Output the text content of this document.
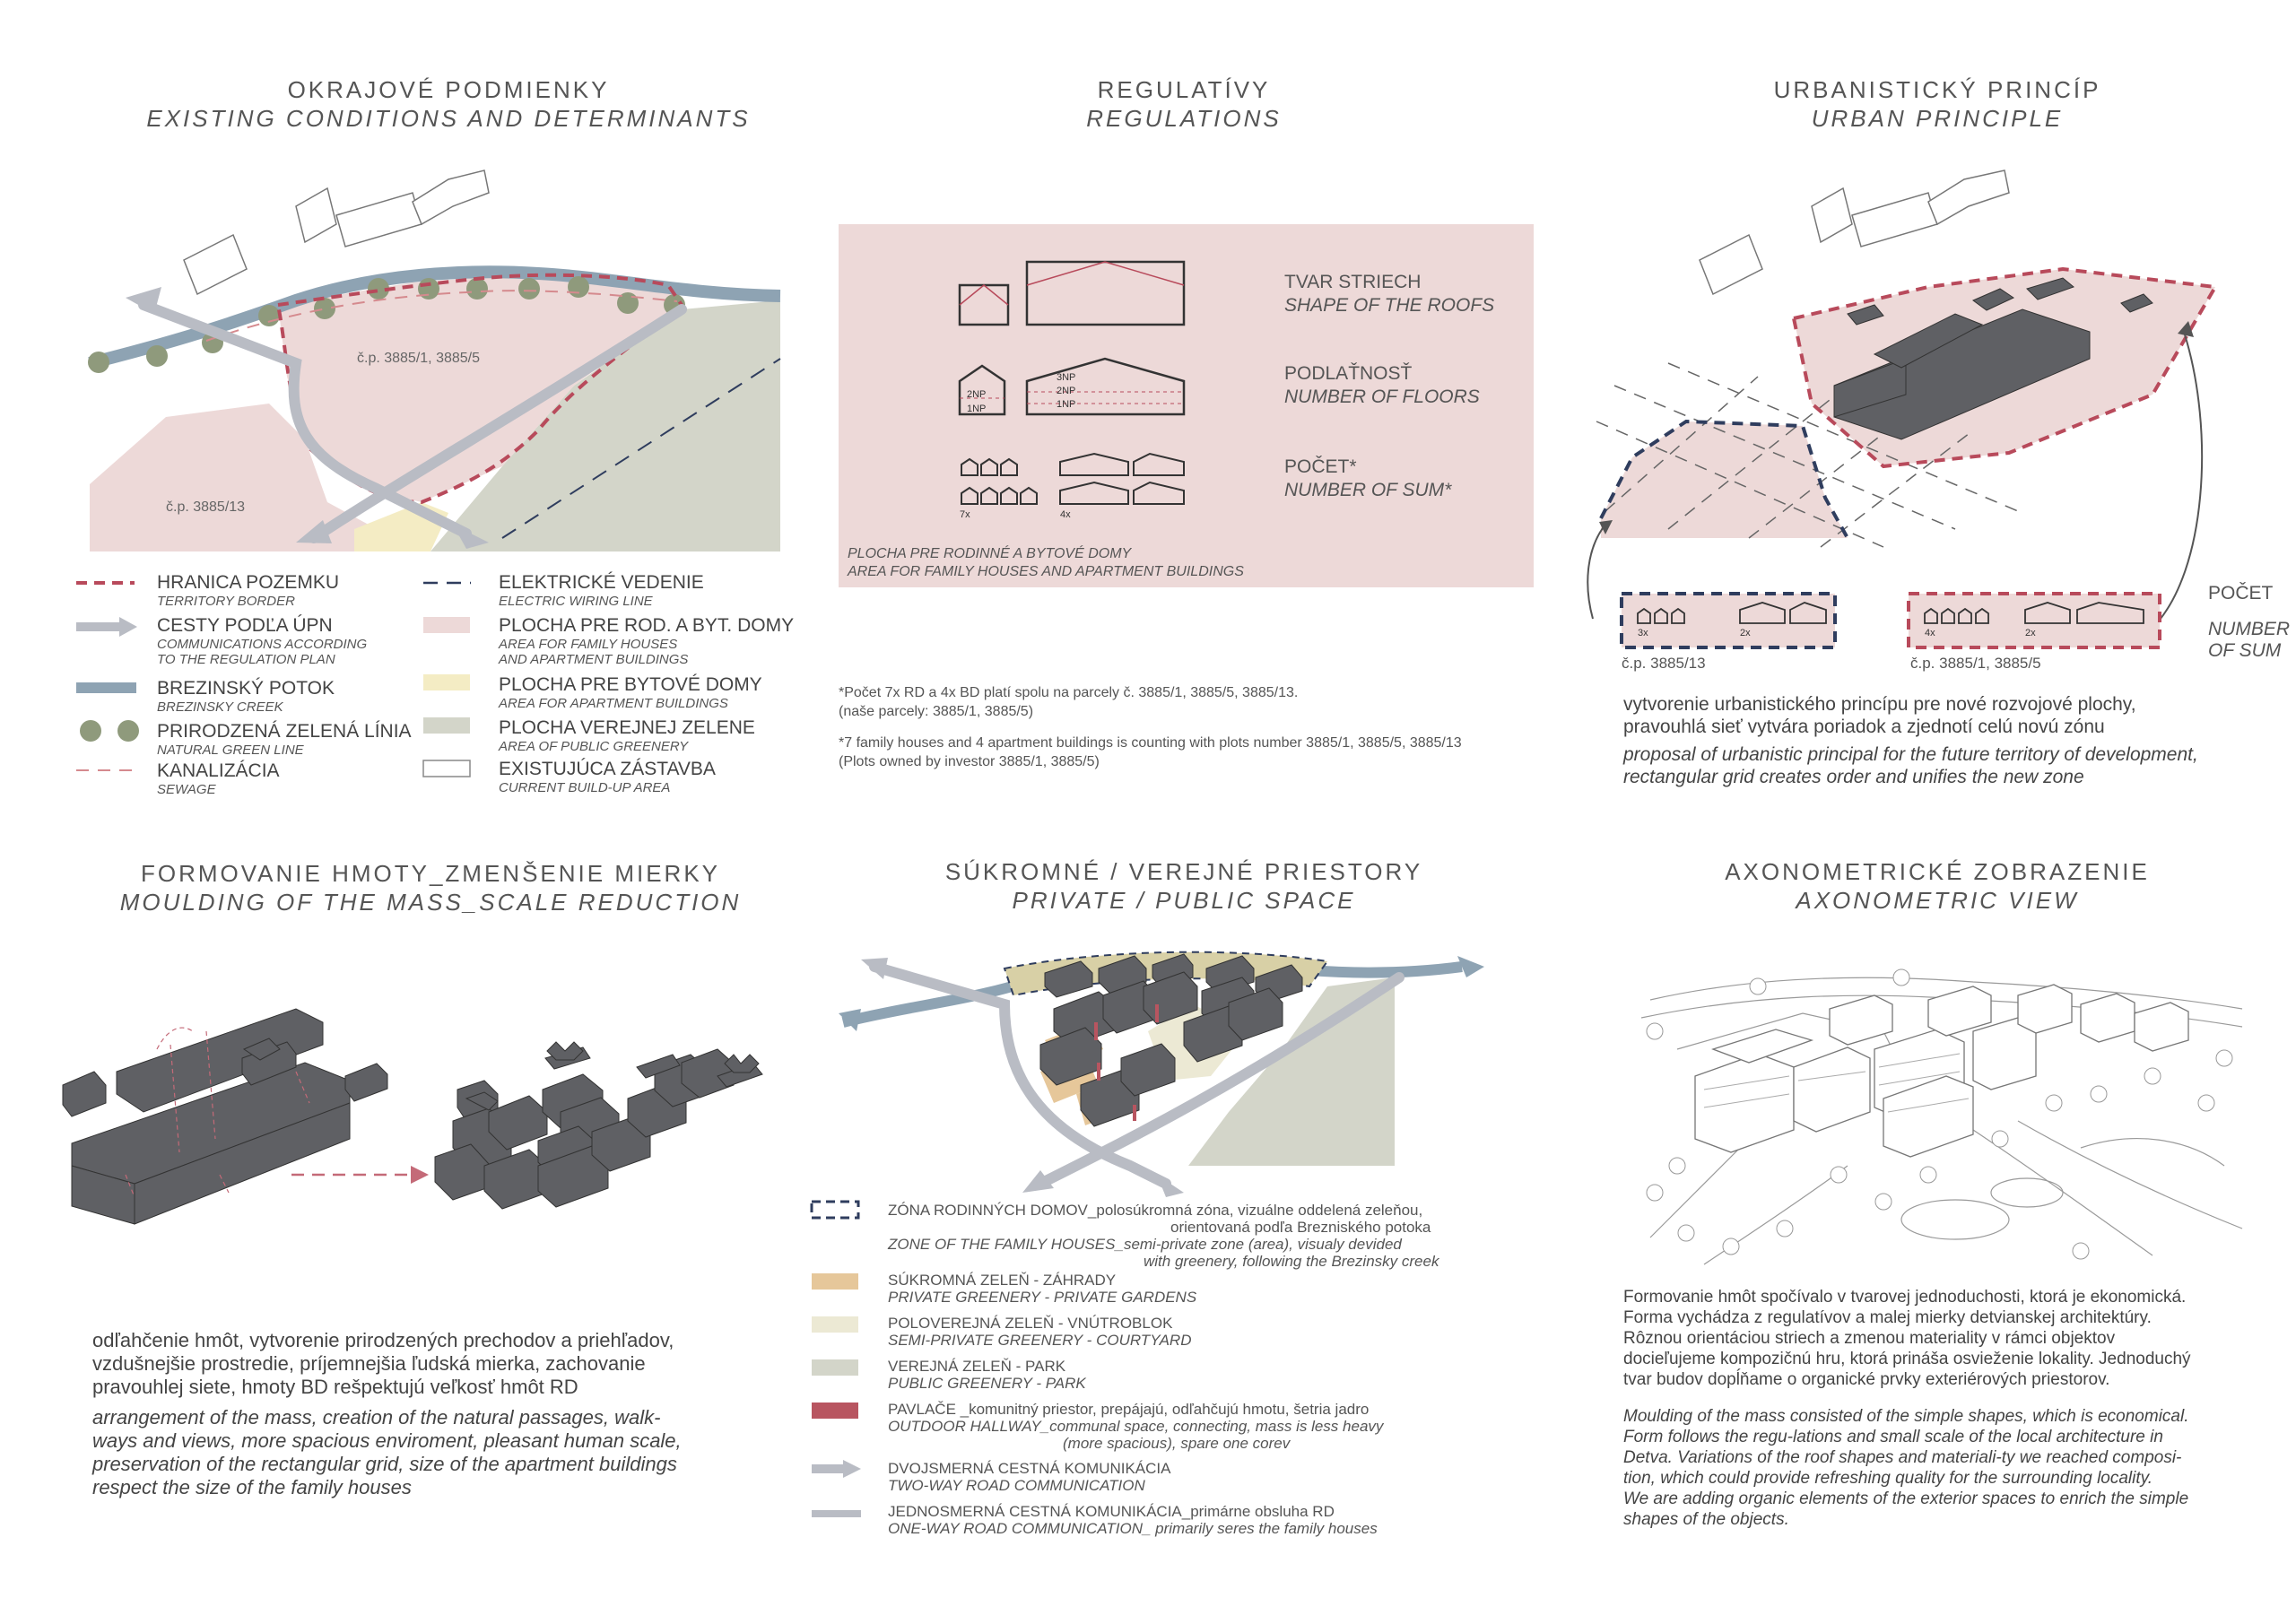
OKRAJOVÉ PODMIENKY
EXISTING CONDITIONS AND DETERMINANTS
č.p. 3885/1, 3885/5
č.p. 3885/13
HRANICA POZEMKU
TERRITORY BORDER
CESTY PODĽA ÚPN
COMMUNICATIONS ACCORDING
TO THE REGULATION PLAN
BREZINSKÝ POTOK
BREZINSKY CREEK
PRIRODZENÁ ZELENÁ LÍNIA
NATURAL GREEN LINE
KANALIZÁCIA
SEWAGE
ELEKTRICKÉ VEDENIE
ELECTRIC WIRING LINE
PLOCHA PRE ROD. A BYT. DOMY
AREA FOR FAMILY HOUSES
AND APARTMENT BUILDINGS
PLOCHA PRE BYTOVÉ DOMY
AREA FOR APARTMENT BUILDINGS
PLOCHA VEREJNEJ ZELENE
AREA OF PUBLIC GREENERY
EXISTUJÚCA ZÁSTAVBA
CURRENT BUILD-UP AREA
REGULATÍVY
REGULATIONS
2NP
1NP
3NP
2NP
1NP
7x	4x
TVAR STRIECH
SHAPE OF THE ROOFS
PODLAŤNOSŤ
NUMBER OF FLOORS
POČET*
NUMBER OF SUM*
PLOCHA PRE RODINNÉ A BYTOVÉ DOMY
AREA FOR FAMILY HOUSES AND APARTMENT BUILDINGS
*Počet 7x RD a 4x BD platí spolu na parcely č. 3885/1, 3885/5, 3885/13.
(naše parcely: 3885/1, 3885/5)
*7 family houses and 4 apartment buildings is counting with plots number 3885/1, 3885/5, 3885/13
(Plots owned by investor 3885/1, 3885/5)
URBANISTICKÝ PRINCÍP
URBAN PRINCIPLE
3x	2x	4x	2x
č.p. 3885/13	č.p. 3885/1, 3885/5
POČET
NUMBER
OF SUM
vytvorenie urbanistického princípu pre nové rozvojové plochy,
pravouhlá sieť vytvára poriadok a zjednotí celú novú zónu
proposal of urbanistic principal for the future territory of development,
rectangular grid creates order and unifies the new zone
FORMOVANIE HMOTY_ZMENŠENIE MIERKY
MOULDING OF THE MASS_SCALE REDUCTION
odľahčenie hmôt, vytvorenie prirodzených prechodov a priehľadov,
vzdušnejšie prostredie, príjemnejšia ľudská mierka, zachovanie
pravouhlej siete, hmoty BD rešpektujú veľkosť hmôt RD
arrangement of the mass, creation of the natural passages, walk-
ways and views, more spacious enviroment, pleasant human scale,
preservation of the rectangular grid, size of the apartment buildings
respect the size of the family houses
SÚKROMNÉ / VEREJNÉ PRIESTORY
PRIVATE / PUBLIC SPACE
ZÓNA RODINNÝCH DOMOV_polosúkromná zóna, vizuálne oddelená zeleňou,
orientovaná podľa Brezniského potoka
ZONE OF THE FAMILY HOUSES_semi-private zone (area), visualy devided
with greenery, following the Brezinsky creek
SÚKROMNÁ ZELEŇ - ZÁHRADY
PRIVATE GREENERY - PRIVATE GARDENS
POLOVEREJNÁ ZELEŇ - VNÚTROBLOK
SEMI-PRIVATE GREENERY - COURTYARD
VEREJNÁ ZELEŇ - PARK
PUBLIC GREENERY - PARK
PAVLAČE _komunitný priestor, prepájajú, odľahčujú hmotu, šetria jadro
OUTDOOR HALLWAY_communal space, connecting, mass is less heavy
(more spacious), spare one corev
DVOJSMERNÁ CESTNÁ KOMUNIKÁCIA
TWO-WAY ROAD COMMUNICATION
JEDNOSMERNÁ CESTNÁ KOMUNIKÁCIA_primárne obsluha RD
ONE-WAY ROAD COMMUNICATION_ primarily seres the family houses
AXONOMETRICKÉ ZOBRAZENIE
AXONOMETRIC VIEW
Formovanie hmôt spočívalo v tvarovej jednoduchosti, ktorá je ekonomická.
Forma vychádza z regulatívov a malej mierky detvianskej architektúry.
Rôznou orientáciou striech a zmenou materiality v rámci objektov
docieľujeme kompozičnú hru, ktorá prináša osvieženie lokality. Jednoduchý
tvar budov dopĺňame o organické prvky exteriérových priestorov.
Moulding of the mass consisted of the simple shapes, which is economical.
Form follows the regu-lations and small scale of the local architecture in
Detva. Variations of the roof shapes and materiali-ty we reached composi-
tion, which could provide refreshing quality for the surrounding locality.
We are adding organic elements of the exterior spaces to enrich the simple
shapes of the objects.
